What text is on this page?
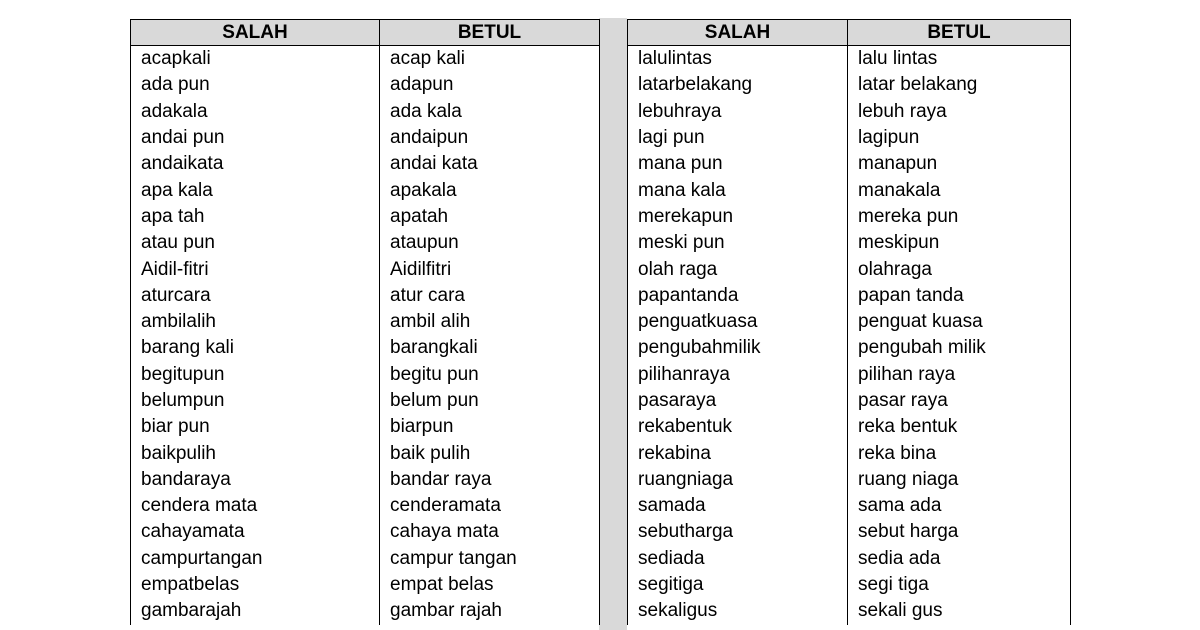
SALAH	BETUL
acapkali	acap kali
ada pun	adapun
adakala	ada kala
andai pun	andaipun
andaikata	andai kata
apa kala	apakala
apa tah	apatah
atau pun	ataupun
Aidil-fitri	Aidilfitri
aturcara	atur cara
ambilalih	ambil alih
barang kali	barangkali
begitupun	begitu pun
belumpun	belum pun
biar pun	biarpun
baikpulih	baik pulih
bandaraya	bandar raya
cendera mata	cenderamata
cahayamata	cahaya mata
campurtangan	campur tangan
empatbelas	empat belas
gambarajah	gambar rajah
SALAH	BETUL
lalulintas	lalu lintas
latarbelakang	latar belakang
lebuhraya	lebuh raya
lagi pun	lagipun
mana pun	manapun
mana kala	manakala
merekapun	mereka pun
meski pun	meskipun
olah raga	olahraga
papantanda	papan tanda
penguatkuasa	penguat kuasa
pengubahmilik	pengubah milik
pilihanraya	pilihan raya
pasaraya	pasar raya
rekabentuk	reka bentuk
rekabina	reka bina
ruangniaga	ruang niaga
samada	sama ada
sebutharga	sebut harga
sediada	sedia ada
segitiga	segi tiga
sekaligus	sekali gus
